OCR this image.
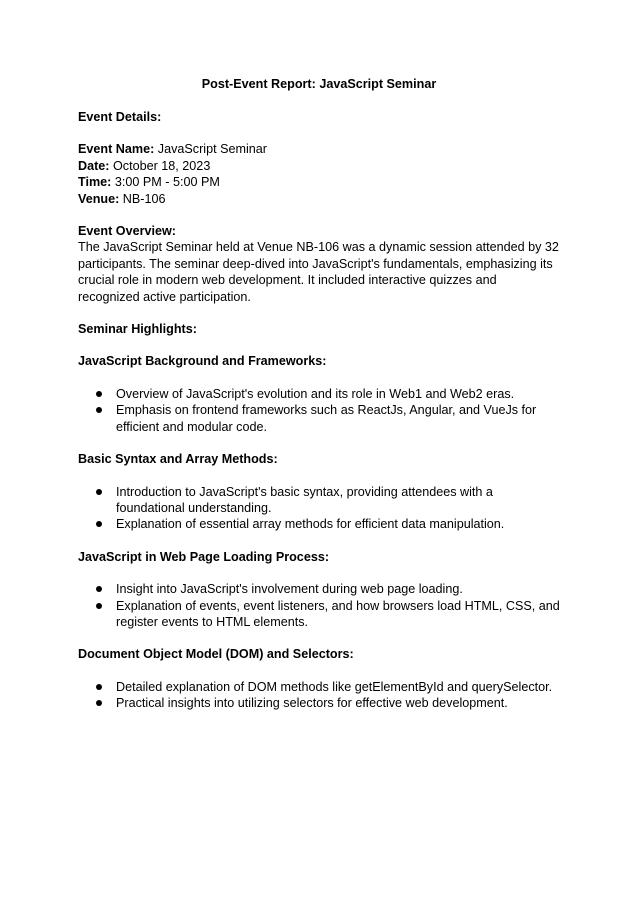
Post-Event Report: JavaScript Seminar

Event Details:

Event Name: JavaScript Seminar

Date: October 18, 2023

Time: 3:00 PM - 5:00 PM

Venue: NB-106

Event Overview:

The JavaScript Seminar held at Venue NB-106 was a dynamic session attended by 32 participants. The seminar deep-dived into JavaScript's fundamentals, emphasizing its crucial role in modern web development. It included interactive quizzes and recognized active participation.

Seminar Highlights:

JavaScript Background and Frameworks:

Overview of JavaScript's evolution and its role in Web1 and Web2 eras.
Emphasis on frontend frameworks such as ReactJs, Angular, and VueJs for efficient and modular code.

Basic Syntax and Array Methods:

Introduction to JavaScript's basic syntax, providing attendees with a foundational understanding.
Explanation of essential array methods for efficient data manipulation.

JavaScript in Web Page Loading Process:

Insight into JavaScript's involvement during web page loading.
Explanation of events, event listeners, and how browsers load HTML, CSS, and register events to HTML elements.

Document Object Model (DOM) and Selectors:

Detailed explanation of DOM methods like getElementById and querySelector.
Practical insights into utilizing selectors for effective web development.
